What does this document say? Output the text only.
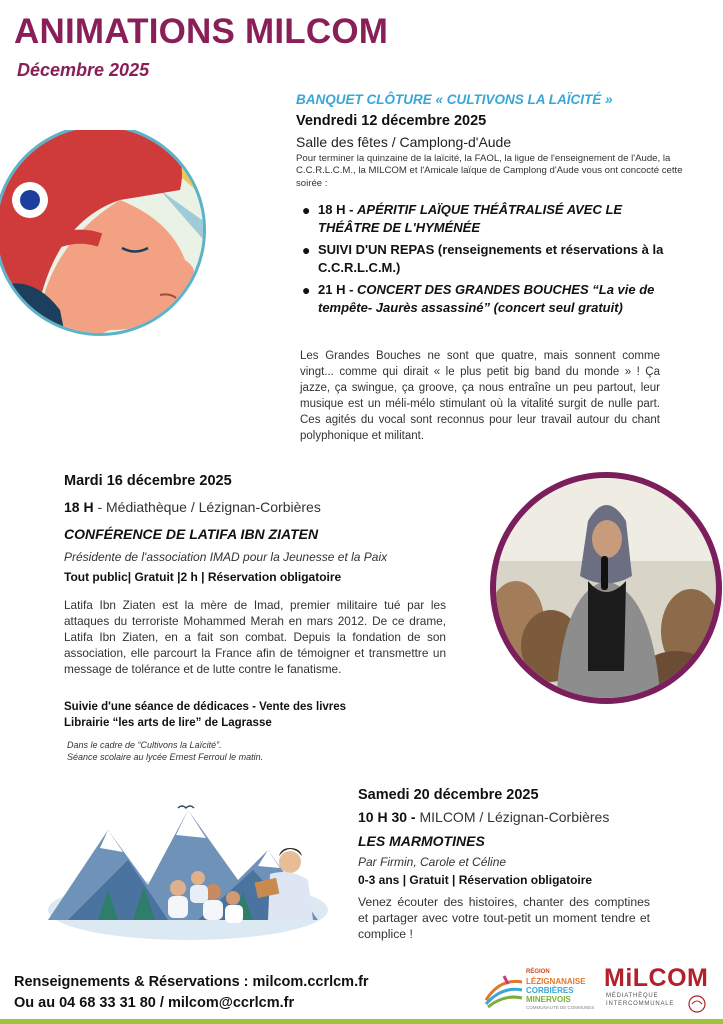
ANIMATIONS MILCOM
Décembre 2025
BANQUET CLÔTURE « CULTIVONS LA LAÏCITÉ »
Vendredi 12 décembre 2025
Salle des fêtes / Camplong-d'Aude
Pour terminer la quinzaine de la laïcité, la FAOL, la ligue de l'enseignement de l'Aude, la C.C.R.L.C.M., la MILCOM et l'Amicale laïque de Camplong d'Aude vous ont concocté cette soirée :
● 18 H - APÉRITIF LAÏQUE THÉÂTRALISÉ AVEC LE THÉÂTRE DE L'HYMÉNÉE
● SUIVI D'UN REPAS (renseignements et réservations à la C.C.R.L.C.M.)
● 21 H - CONCERT DES GRANDES BOUCHES “La vie de tempête- Jaurès assassiné” (concert seul gratuit)
Les Grandes Bouches ne sont que quatre, mais sonnent comme vingt... comme qui dirait « le plus petit big band du monde » ! Ça jazze, ça swingue, ça groove, ça nous entraîne un peu partout, leur musique est un méli-mélo stimulant où la vitalité surgit de nulle part. Ces agités du vocal sont reconnus pour leur travail autour du chant polyphonique et militant.
Mardi 16 décembre 2025
18 H - Médiathèque / Lézignan-Corbières
CONFÉRENCE DE LATIFA IBN ZIATEN
Présidente de l'association IMAD pour la Jeunesse et la Paix
Tout public| Gratuit |2 h | Réservation obligatoire
Latifa Ibn Ziaten est la mère de Imad, premier militaire tué par les attaques du terroriste Mohammed Merah en mars 2012. De ce drame, Latifa Ibn Ziaten, en a fait son combat. Depuis la fondation de son association, elle parcourt la France afin de témoigner et transmettre un message de tolérance et de lutte contre le fanatisme.
Suivie d'une séance de dédicaces - Vente des livres
Librairie “les arts de lire” de Lagrasse
Dans le cadre de “Cultivons la Laïcité”.
Séance scolaire au lycée Ernest Ferroul le matin.
Samedi 20 décembre 2025
10 H 30 - MILCOM / Lézignan-Corbières
LES MARMOTINES
Par Firmin, Carole et Céline
0-3 ans | Gratuit | Réservation obligatoire
Venez écouter des histoires, chanter des comptines et partager avec votre tout-petit un moment tendre et complice !
Renseignements & Réservations : milcom.ccrlcm.fr
Ou au 04 68 33 31 80 / milcom@ccrlcm.fr
RÉGION
LÉZIGNANAISE
CORBIÈRES
MINERVOIS
COMMUNAUTÉ DE COMMUNES
MiLCOM
MÉDIATHÈQUE
INTERCOMMUNALE
